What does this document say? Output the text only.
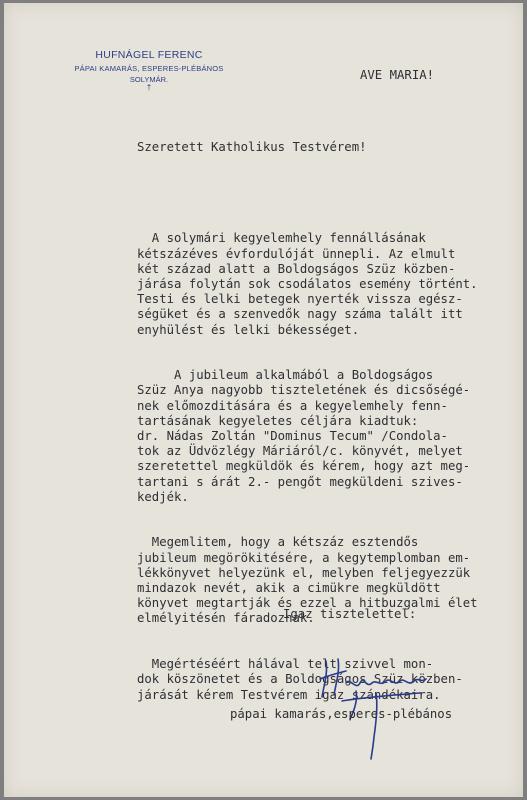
HUFNÁGEL FERENC
PÁPAI KAMARÁS, ESPERES-PLÉBÁNOS
SOLYMÁR.
†
AVE MARIA!
Szeretett Katholikus Testvérem!

A solymári kegyelemhely fennállásának
kétszázéves évfordulóját ünnepli. Az elmult
két század alatt a Boldogságos Szüz közben-
járása folytán sok csodálatos esemény történt.
Testi és lelki betegek nyerték vissza egész-
ségüket és a szenvedők nagy száma talált itt
enyhülést és lelki békességet.

A jubileum alkalmából a Boldogságos
Szüz Anya nagyobb tiszteletének és dicsőségé-
nek előmozditására és a kegyelemhely fenn-
tartásának kegyeletes céljára kiadtuk:
dr. Nádas Zoltán "Dominus Tecum" /Condola-
tok az Üdvözlégy Máriáról/c. könyvét, melyet
szeretettel megküldök és kérem, hogy azt meg-
tartani s árát 2.- pengőt megküldeni szives-
kedjék.

Megemlitem, hogy a kétszáz esztendős
jubileum megörökitésére, a kegytemplomban em-
lékkönyvet helyezünk el, melyben feljegyezzük
mindazok nevét, akik a cimükre megküldött
könyvet megtartják és ezzel a hitbuzgalmi élet
elmélyitésén fáradoznak.

Megértéséért hálával telt szivvel mon-
dok köszönetet és a Boldogságos Szüz közben-
járását kérem Testvérem igaz szándékaira.

Igaz tisztelettel:
pápai kamarás,esperes-plébános
